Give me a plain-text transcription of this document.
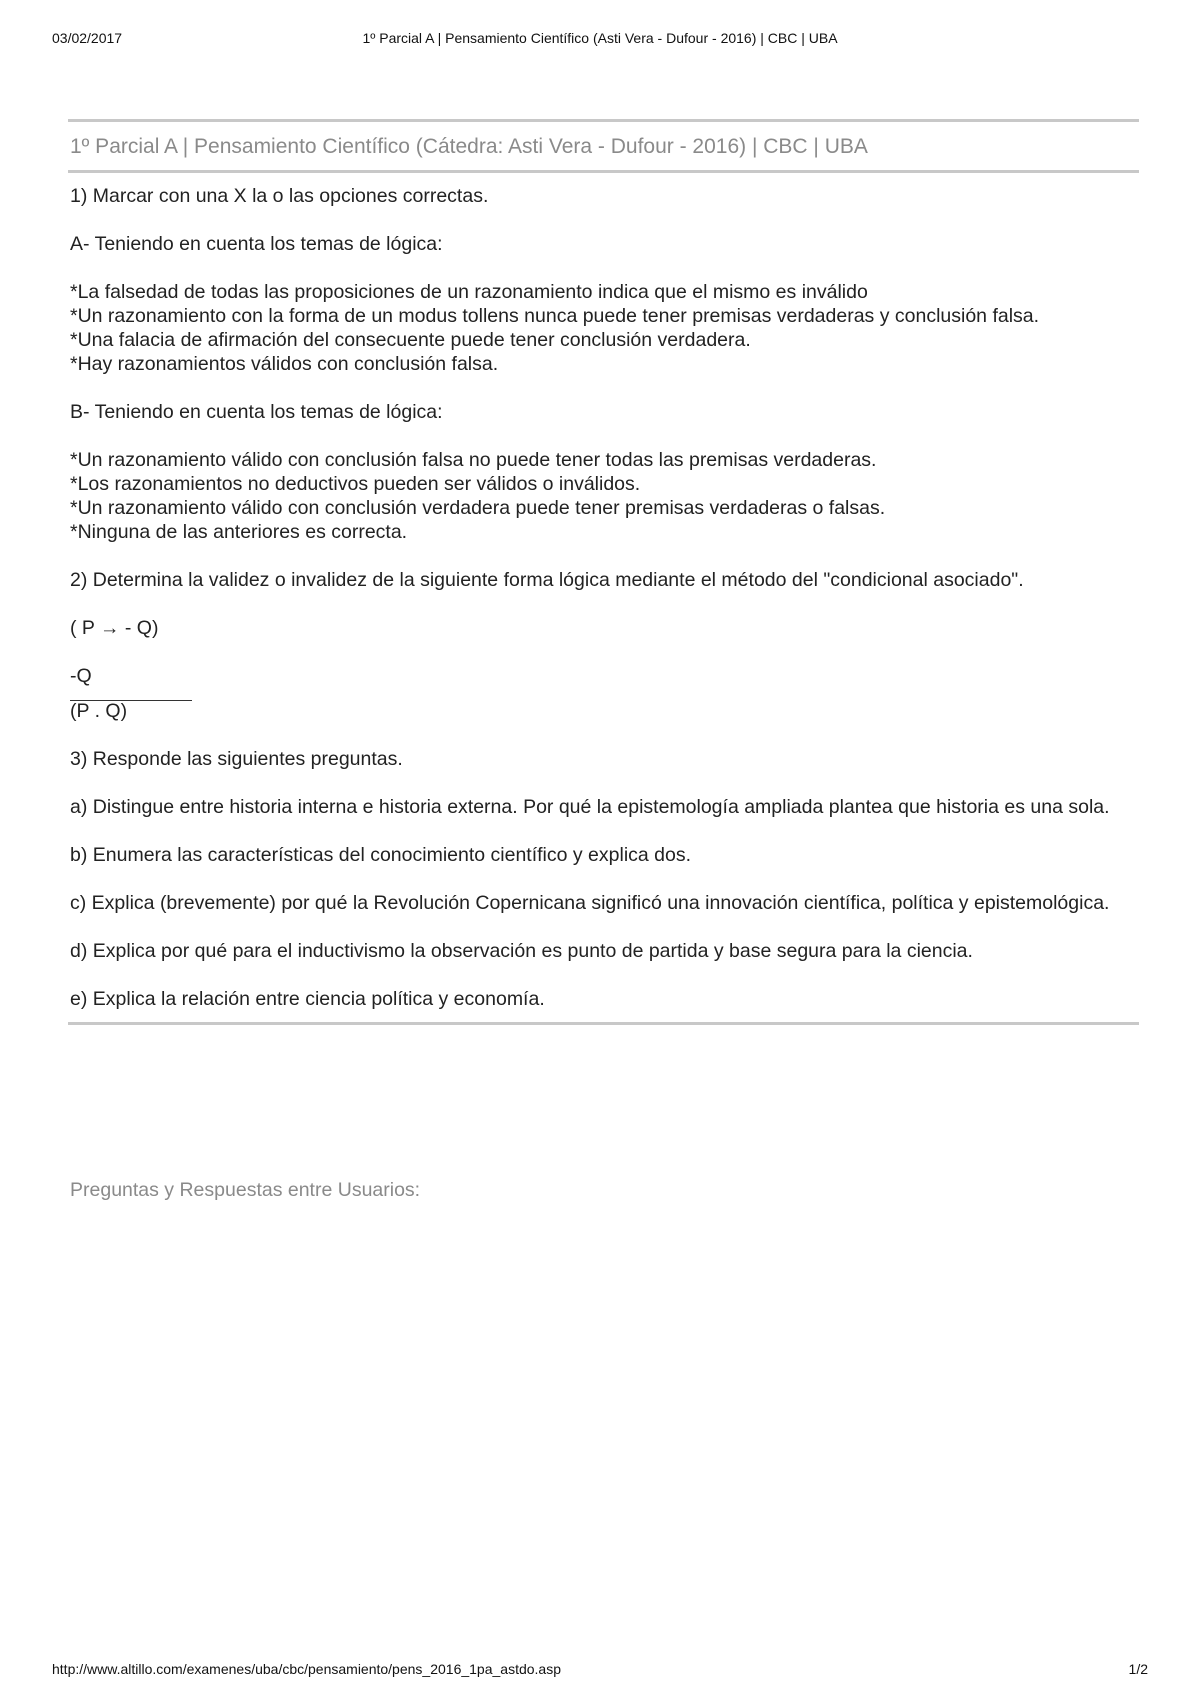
03/02/2017	1º Parcial A | Pensamiento Científico (Asti Vera - Dufour - 2016) | CBC | UBA
1º Parcial A | Pensamiento Científico (Cátedra: Asti Vera - Dufour - 2016) | CBC | UBA

1) Marcar con una X la o las opciones correctas.

A- Teniendo en cuenta los temas de lógica:

*La falsedad de todas las proposiciones de un razonamiento indica que el mismo es inválido
*Un razonamiento con la forma de un modus tollens nunca puede tener premisas verdaderas y conclusión falsa.
*Una falacia de afirmación del consecuente puede tener conclusión verdadera.
*Hay razonamientos válidos con conclusión falsa.

B- Teniendo en cuenta los temas de lógica:

*Un razonamiento válido con conclusión falsa no puede tener todas las premisas verdaderas.
*Los razonamientos no deductivos pueden ser válidos o inválidos.
*Un razonamiento válido con conclusión verdadera puede tener premisas verdaderas o falsas.
*Ninguna de las anteriores es correcta.

2) Determina la validez o invalidez de la siguiente forma lógica mediante el método del "condicional asociado".

( P → - Q)

-Q
(P . Q)

3) Responde las siguientes preguntas.

a) Distingue entre historia interna e historia externa. Por qué la epistemología ampliada plantea que historia es una sola.

b) Enumera las características del conocimiento científico y explica dos.

c) Explica (brevemente) por qué la Revolución Copernicana significó una innovación científica, política y epistemológica.

d) Explica por qué para el inductivismo la observación es punto de partida y base segura para la ciencia.

e) Explica la relación entre ciencia política y economía.

Preguntas y Respuestas entre Usuarios:
http://www.altillo.com/examenes/uba/cbc/pensamiento/pens_2016_1pa_astdo.asp	1/2
